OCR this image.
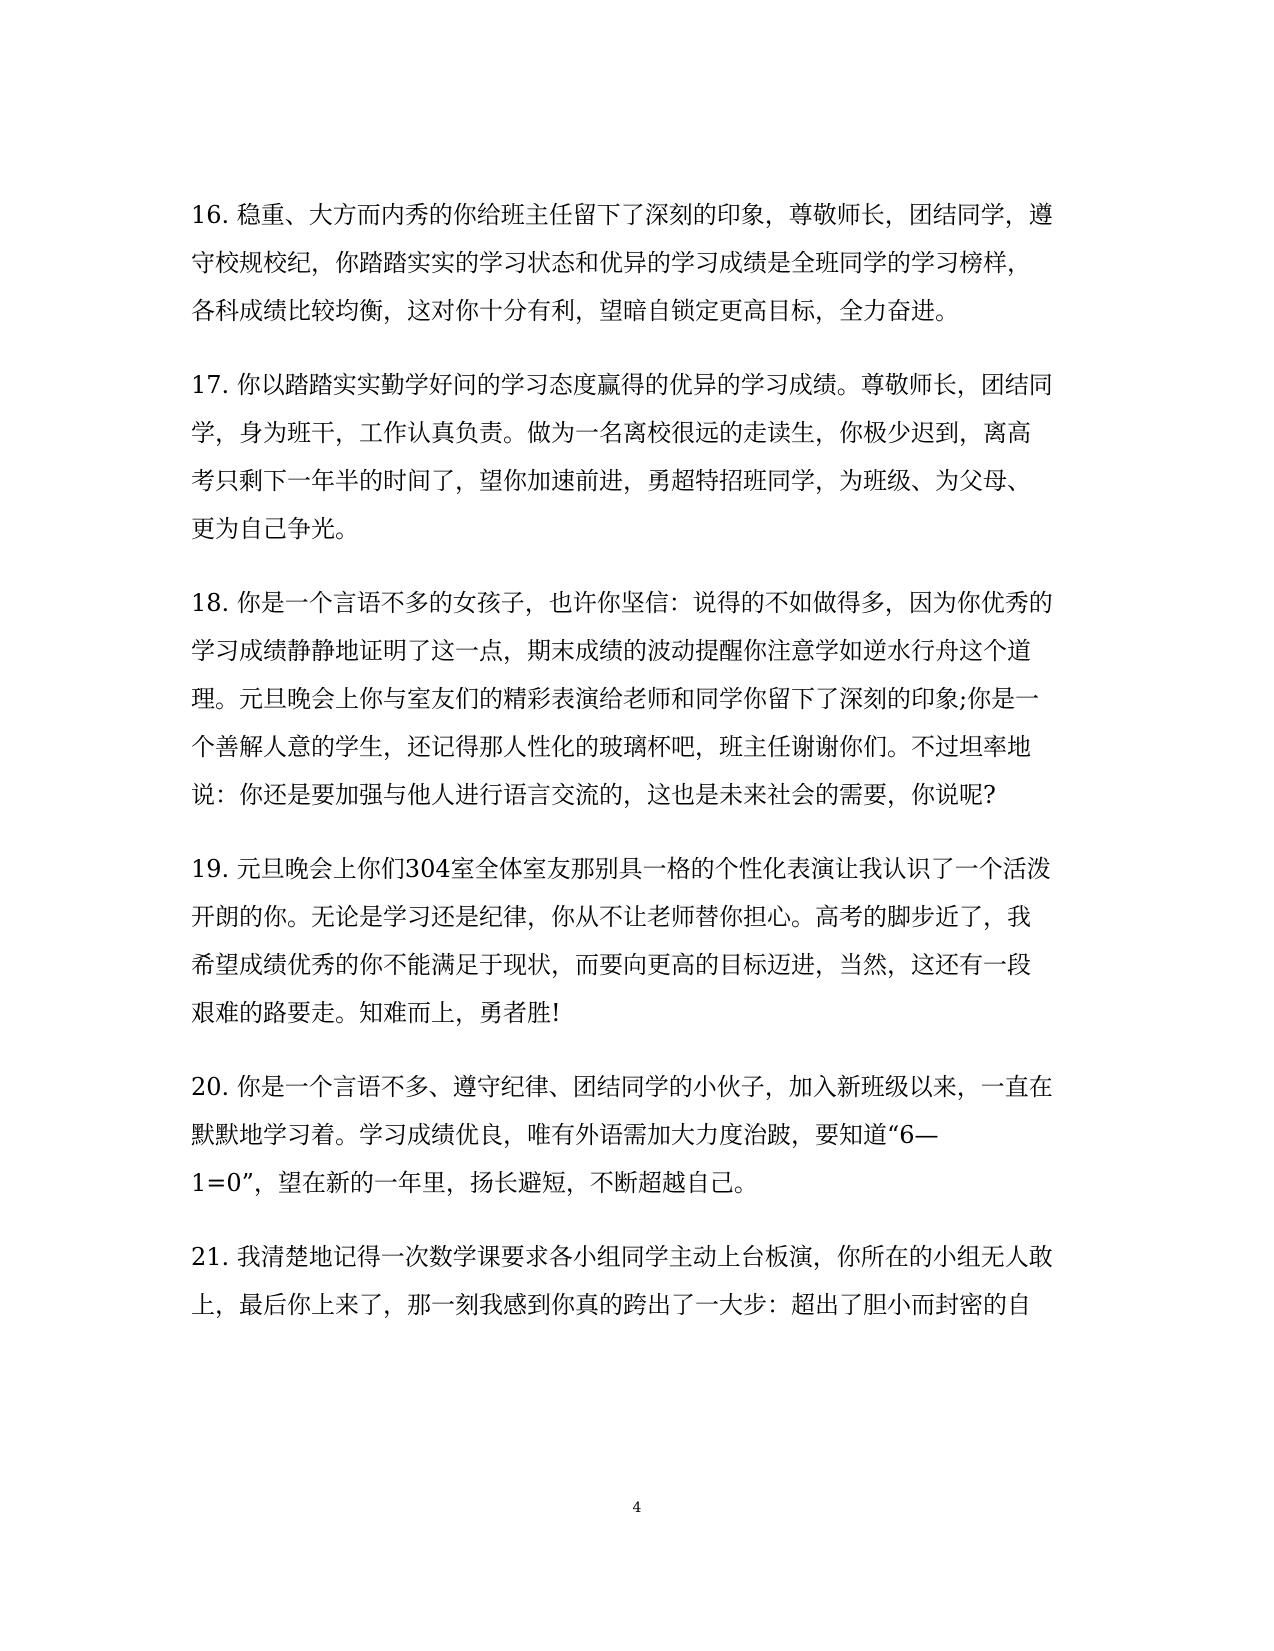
16. 稳重、大方而内秀的你给班主任留下了深刻的印象，尊敬师长，团结同学，遵
守校规校纪，你踏踏实实的学习状态和优异的学习成绩是全班同学的学习榜样，
各科成绩比较均衡，这对你十分有利，望暗自锁定更高目标，全力奋进。
17. 你以踏踏实实勤学好问的学习态度赢得的优异的学习成绩。尊敬师长，团结同
学，身为班干，工作认真负责。做为一名离校很远的走读生，你极少迟到，离高
考只剩下一年半的时间了，望你加速前进，勇超特招班同学，为班级、为父母、
更为自己争光。
18. 你是一个言语不多的女孩子，也许你坚信：说得的不如做得多，因为你优秀的
学习成绩静静地证明了这一点，期末成绩的波动提醒你注意学如逆水行舟这个道
理。元旦晚会上你与室友们的精彩表演给老师和同学你留下了深刻的印象;你是一
个善解人意的学生，还记得那人性化的玻璃杯吧，班主任谢谢你们。不过坦率地
说：你还是要加强与他人进行语言交流的，这也是未来社会的需要，你说呢?
19. 元旦晚会上你们304室全体室友那别具一格的个性化表演让我认识了一个活泼
开朗的你。无论是学习还是纪律，你从不让老师替你担心。高考的脚步近了，我
希望成绩优秀的你不能满足于现状，而要向更高的目标迈进，当然，这还有一段
艰难的路要走。知难而上，勇者胜!
20. 你是一个言语不多、遵守纪律、团结同学的小伙子，加入新班级以来，一直在
默默地学习着。学习成绩优良，唯有外语需加大力度治跛，要知道“6—
1=0”，望在新的一年里，扬长避短，不断超越自己。
21. 我清楚地记得一次数学课要求各小组同学主动上台板演，你所在的小组无人敢
上，最后你上来了，那一刻我感到你真的跨出了一大步：超出了胆小而封密的自
4
